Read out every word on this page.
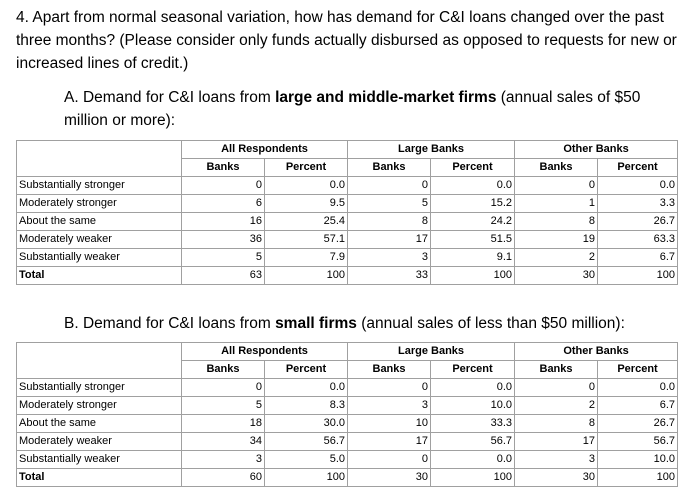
4. Apart from normal seasonal variation, how has demand for C&I loans changed over the past three months? (Please consider only funds actually disbursed as opposed to requests for new or increased lines of credit.)
A. Demand for C&I loans from large and middle-market firms (annual sales of $50 million or more):
	All Respondents		Large Banks		Other Banks	
	Banks	Percent	Banks	Percent	Banks	Percent
Substantially stronger	0	0.0	0	0.0	0	0.0
Moderately stronger	6	9.5	5	15.2	1	3.3
About the same	16	25.4	8	24.2	8	26.7
Moderately weaker	36	57.1	17	51.5	19	63.3
Substantially weaker	5	7.9	3	9.1	2	6.7
Total	63	100	33	100	30	100
B. Demand for C&I loans from small firms (annual sales of less than $50 million):
	All Respondents		Large Banks		Other Banks	
	Banks	Percent	Banks	Percent	Banks	Percent
Substantially stronger	0	0.0	0	0.0	0	0.0
Moderately stronger	5	8.3	3	10.0	2	6.7
About the same	18	30.0	10	33.3	8	26.7
Moderately weaker	34	56.7	17	56.7	17	56.7
Substantially weaker	3	5.0	0	0.0	3	10.0
Total	60	100	30	100	30	100
